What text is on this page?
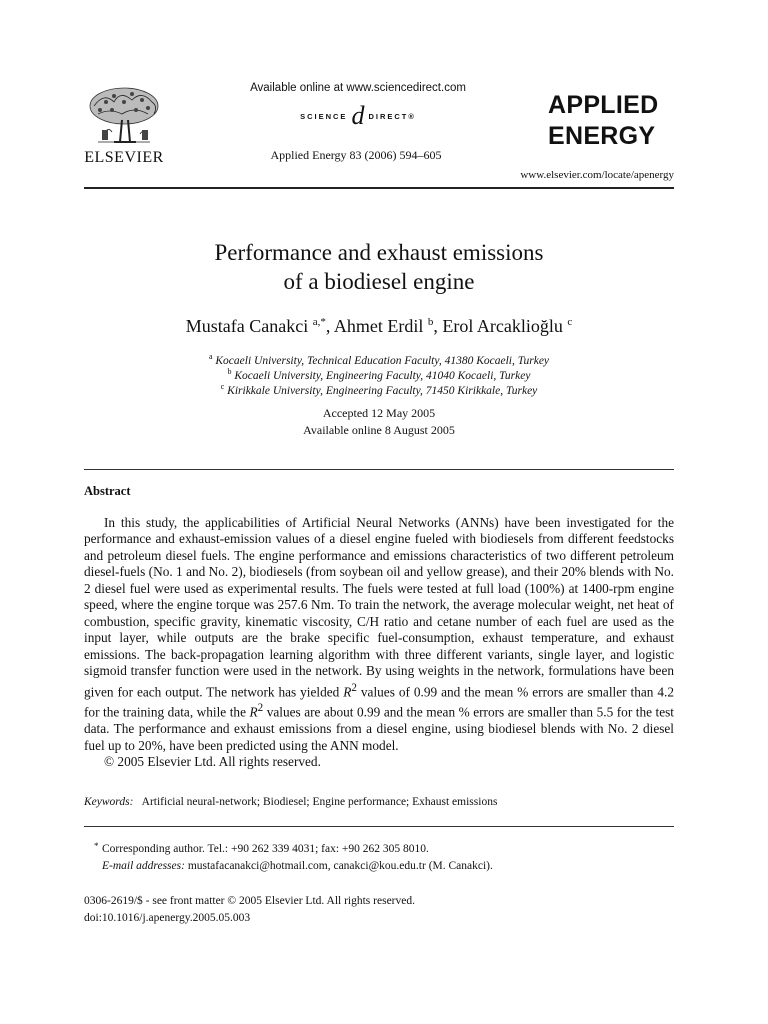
ELSEVIER
Available online at www.sciencedirect.com
SCIENCE d DIRECT®
Applied Energy 83 (2006) 594–605
APPLIED
ENERGY
www.elsevier.com/locate/apenergy
Performance and exhaust emissions
of a biodiesel engine
Mustafa Canakci $^{a,*}$, Ahmet Erdil $^b$, Erol Arcaklioğlu $^c$
$^a$ Kocaeli University, Technical Education Faculty, 41380 Kocaeli, Turkey
$^b$ Kocaeli University, Engineering Faculty, 41040 Kocaeli, Turkey
$^c$ Kirikkale University, Engineering Faculty, 71450 Kirikkale, Turkey
Accepted 12 May 2005
Available online 8 August 2005
Abstract

In this study, the applicabilities of Artificial Neural Networks (ANNs) have been investigated for the performance and exhaust-emission values of a diesel engine fueled with biodiesels from different feedstocks and petroleum diesel fuels. The engine performance and emissions characteristics of two different petroleum diesel-fuels (No. 1 and No. 2), biodiesels (from soybean oil and yellow grease), and their 20% blends with No. 2 diesel fuel were used as experimental results. The fuels were tested at full load (100%) at 1400-rpm engine speed, where the engine torque was 257.6 Nm. To train the network, the average molecular weight, net heat of combustion, specific gravity, kinematic viscosity, C/H ratio and cetane number of each fuel are used as the input layer, while outputs are the brake specific fuel-consumption, exhaust temperature, and exhaust emissions. The back-propagation learning algorithm with three different variants, single layer, and logistic sigmoid transfer function were used in the network. By using weights in the network, formulations have been given for each output. The network has yielded $R^2$ values of 0.99 and the mean % errors are smaller than 4.2 for the training data, while the $R^2$ values are about 0.99 and the mean % errors are smaller than 5.5 for the test data. The performance and exhaust emissions from a diesel engine, using biodiesel blends with No. 2 diesel fuel up to 20%, have been predicted using the ANN model.

© 2005 Elsevier Ltd. All rights reserved.

Keywords: Artificial neural-network; Biodiesel; Engine performance; Exhaust emissions
* Corresponding author. Tel.: +90 262 339 4031; fax: +90 262 305 8010.
E-mail addresses: mustafacanakci@hotmail.com, canakci@kou.edu.tr (M. Canakci).
0306-2619/$ - see front matter © 2005 Elsevier Ltd. All rights reserved.
doi:10.1016/j.apenergy.2005.05.003
